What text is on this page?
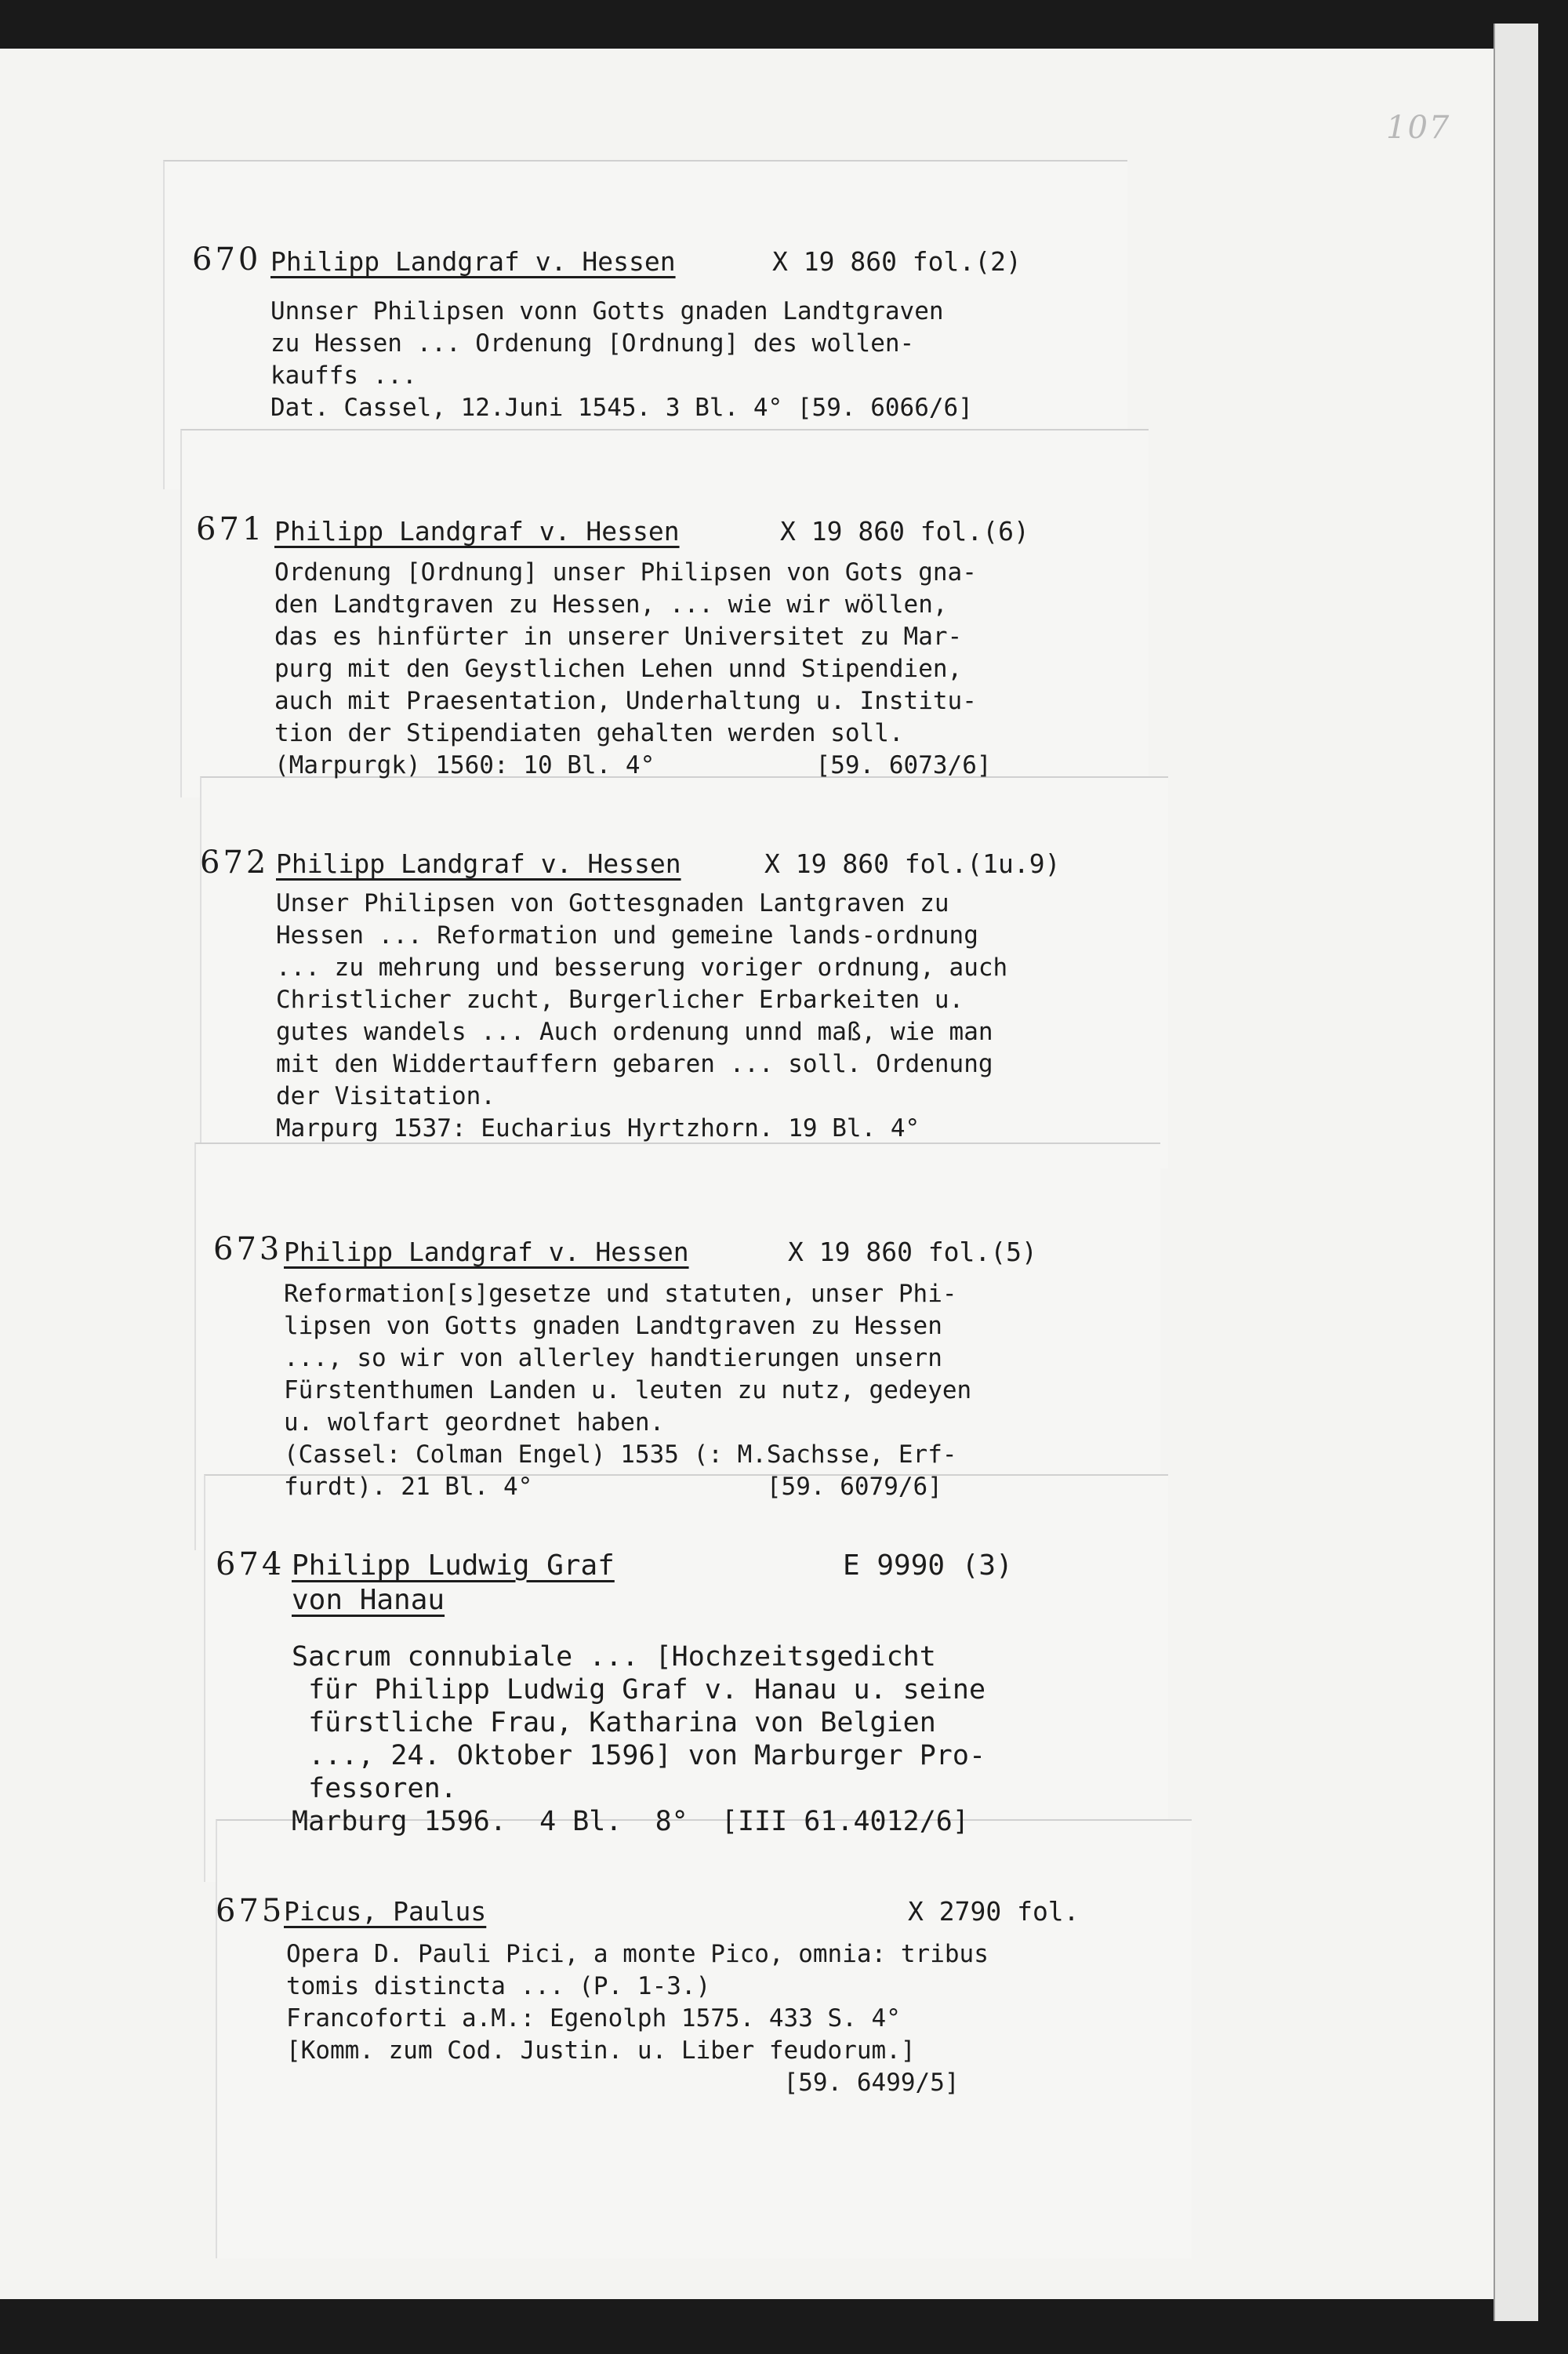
107
670 Philipp Landgraf v. Hessen	X 19 860 fol.(2)
Unnser Philipsen vonn Gotts gnaden Landtgraven
zu Hessen ... Ordenung [Ordnung] des wollen-
kauffs ...
Dat. Cassel, 12.Juni 1545. 3 Bl. 4° [59. 6066/6]
671 Philipp Landgraf v. Hessen	X 19 860 fol.(6)
Ordenung [Ordnung] unser Philipsen von Gots gna-
den Landtgraven zu Hessen, ... wie wir wöllen,
das es hinfürter in unserer Universitet zu Mar-
purg mit den Geystlichen Lehen unnd Stipendien,
auch mit Praesentation, Underhaltung u. Institu-
tion der Stipendiaten gehalten werden soll.
(Marpurgk) 1560: 10 Bl. 4°           [59. 6073/6]
672 Philipp Landgraf v. Hessen	X 19 860 fol.(1u.9)
Unser Philipsen von Gottesgnaden Lantgraven zu
Hessen ... Reformation und gemeine lands-ordnung
... zu mehrung und besserung voriger ordnung, auch
Christlicher zucht, Burgerlicher Erbarkeiten u.
gutes wandels ... Auch ordenung unnd maß, wie man
mit den Widdertauffern gebaren ... soll. Ordenung
der Visitation.
Marpurg 1537: Eucharius Hyrtzhorn. 19 Bl. 4°
673 Philipp Landgraf v. Hessen	X 19 860 fol.(5)
Reformation[s]gesetze und statuten, unser Phi-
lipsen von Gotts gnaden Landtgraven zu Hessen
..., so wir von allerley handtierungen unsern
Fürstenthumen Landen u. leuten zu nutz, gedeyen
u. wolfart geordnet haben.
(Cassel: Colman Engel) 1535 (: M.Sachsse, Erf-
furdt). 21 Bl. 4°                [59. 6079/6]
674 Philipp Ludwig Graf
von Hanau
E 9990 (3)
Sacrum connubiale ... [Hochzeitsgedicht
für Philipp Ludwig Graf v. Hanau u. seine
fürstliche Frau, Katharina von Belgien
..., 24. Oktober 1596] von Marburger Pro-
fessoren.
Marburg 1596.  4 Bl.  8°  [III 61.4012/6]
675
Picus, Paulus	X 2790 fol.
Opera D. Pauli Pici, a monte Pico, omnia: tribus
tomis distincta ... (P. 1-3.)
Francoforti a.M.: Egenolph 1575. 433 S. 4°
[Komm. zum Cod. Justin. u. Liber feudorum.]
[59. 6499/5]
